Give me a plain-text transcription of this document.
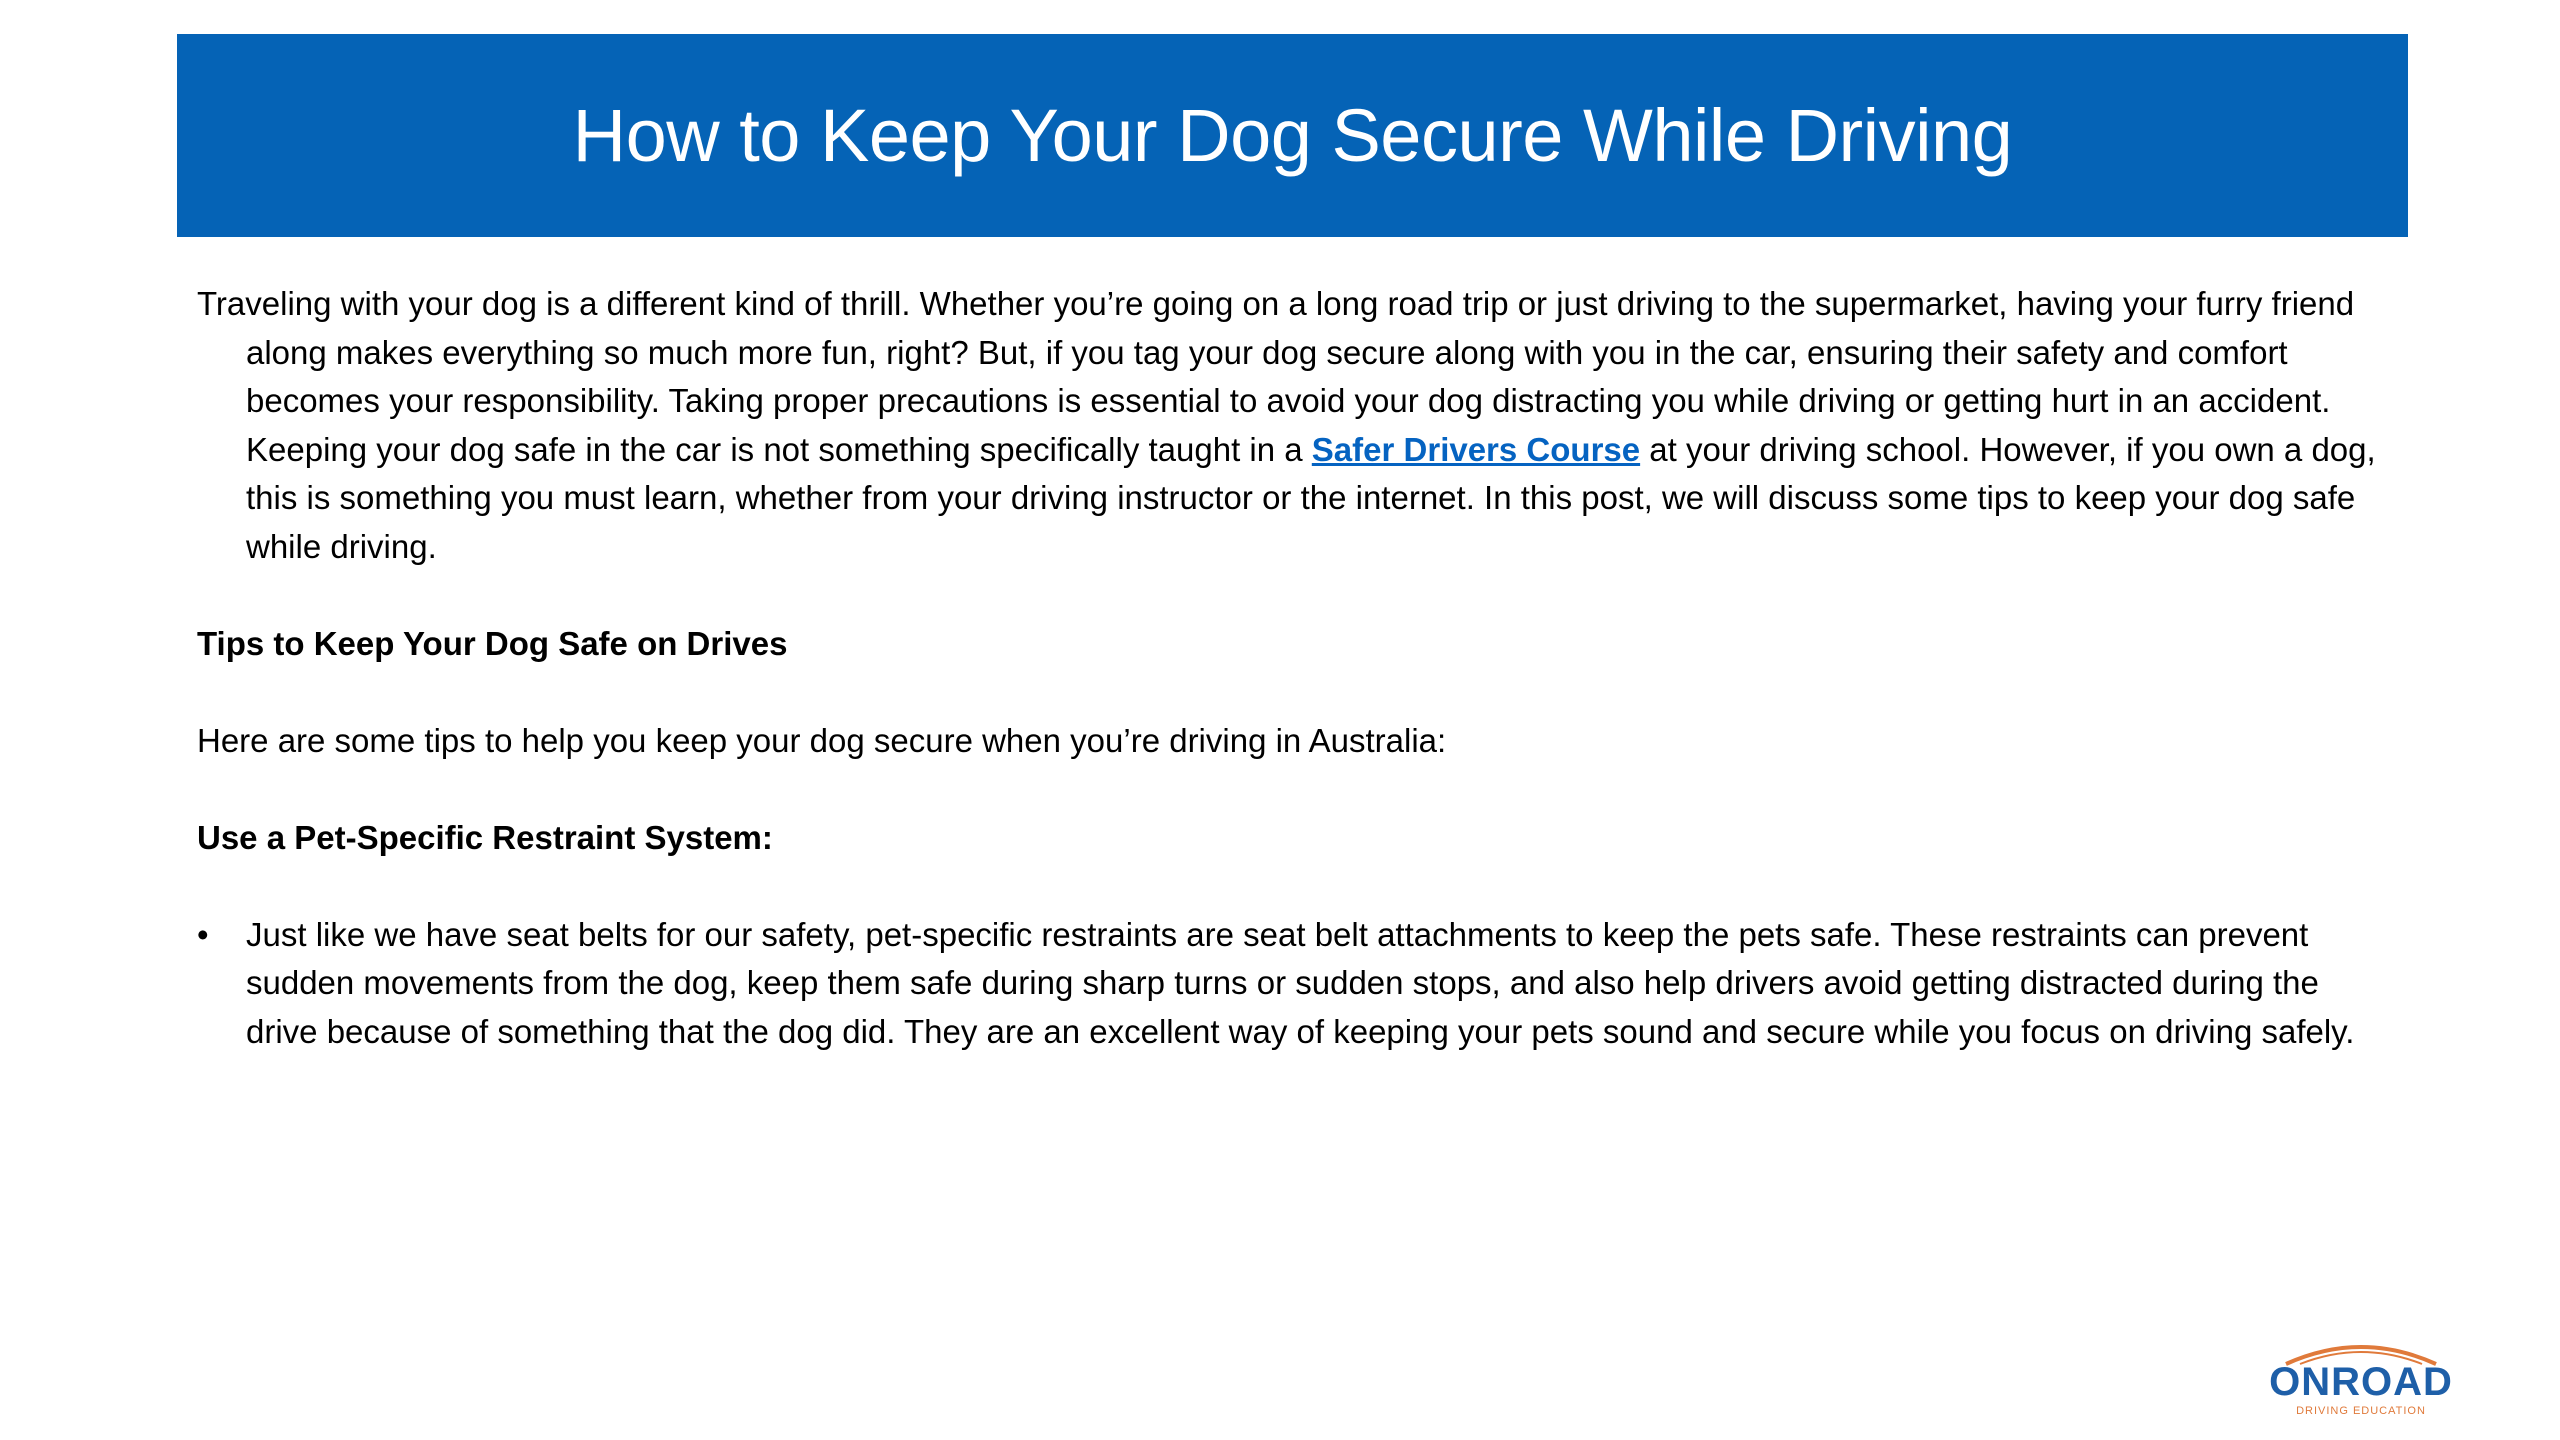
How to Keep Your Dog Secure While Driving

Traveling with your dog is a different kind of thrill. Whether you’re going on a long road trip or just driving to the supermarket, having your furry friend along makes everything so much more fun, right? But, if you tag your dog secure along with you in the car, ensuring their safety and comfort becomes your responsibility. Taking proper precautions is essential to avoid your dog distracting you while driving or getting hurt in an accident. Keeping your dog safe in the car is not something specifically taught in a Safer Drivers Course at your driving school. However, if you own a dog, this is something you must learn, whether from your driving instructor or the internet. In this post, we will discuss some tips to keep your dog safe while driving.

Tips to Keep Your Dog Safe on Drives

Here are some tips to help you keep your dog secure when you’re driving in Australia:

Use a Pet-Specific Restraint System:

• Just like we have seat belts for our safety, pet-specific restraints are seat belt attachments to keep the pets safe. These restraints can prevent sudden movements from the dog, keep them safe during sharp turns or sudden stops, and also help drivers avoid getting distracted during the drive because of something that the dog did. They are an excellent way of keeping your pets sound and secure while you focus on driving safely.

ONROAD
DRIVING EDUCATION
